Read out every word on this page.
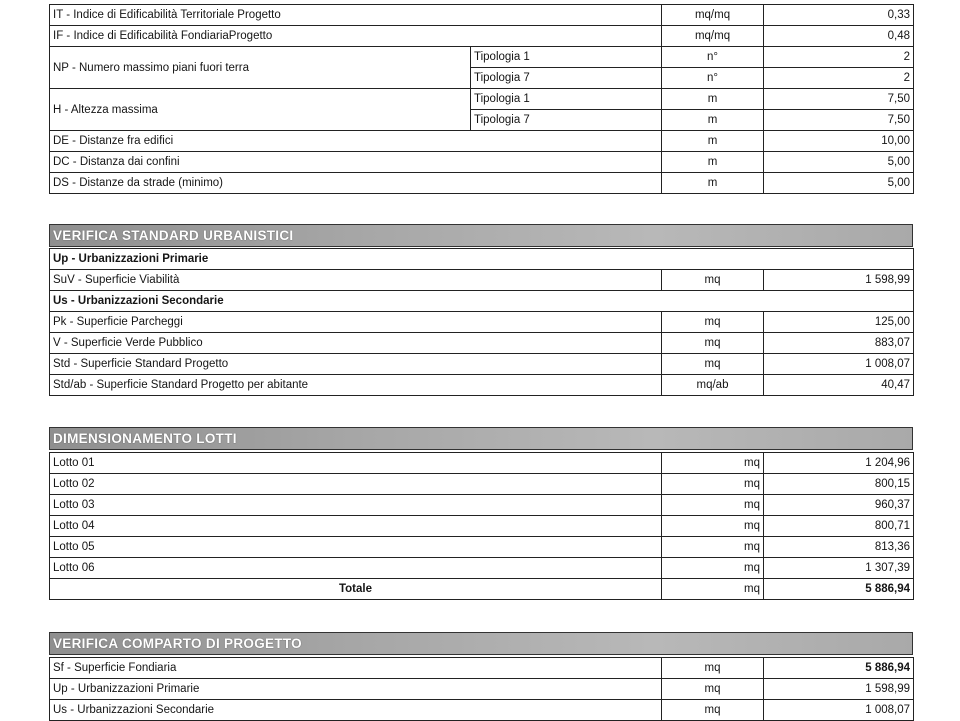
IT - Indice di Edificabilità Territoriale Progetto		mq/mq	0,33
IF - Indice di Edificabilità FondiariaProgetto		mq/mq	0,48
NP - Numero massimo piani fuori terra	Tipologia 1	n°	2
	Tipologia 7	n°	2
H - Altezza massima	Tipologia 1	m	7,50
	Tipologia 7	m	7,50
DE - Distanze fra edifici		m	10,00
DC - Distanza dai confini		m	5,00
DS - Distanze da strade (minimo)		m	5,00
VERIFICA STANDARD URBANISTICI
Up - Urbanizzazioni Primarie		
SuV - Superficie Viabilità	mq	1 598,99
Us - Urbanizzazioni Secondarie		
Pk - Superficie Parcheggi	mq	125,00
V - Superficie Verde Pubblico	mq	883,07
Std - Superficie Standard Progetto	mq	1 008,07
Std/ab - Superficie Standard Progetto per abitante	mq/ab	40,47
DIMENSIONAMENTO LOTTI
Lotto 01	mq	1 204,96
Lotto 02	mq	800,15
Lotto 03	mq	960,37
Lotto 04	mq	800,71
Lotto 05	mq	813,36
Lotto 06	mq	1 307,39
Totale	mq	5 886,94
VERIFICA COMPARTO DI PROGETTO
Sf - Superficie Fondiaria	mq	5 886,94
Up - Urbanizzazioni Primarie	mq	1 598,99
Us - Urbanizzazioni Secondarie	mq	1 008,07
